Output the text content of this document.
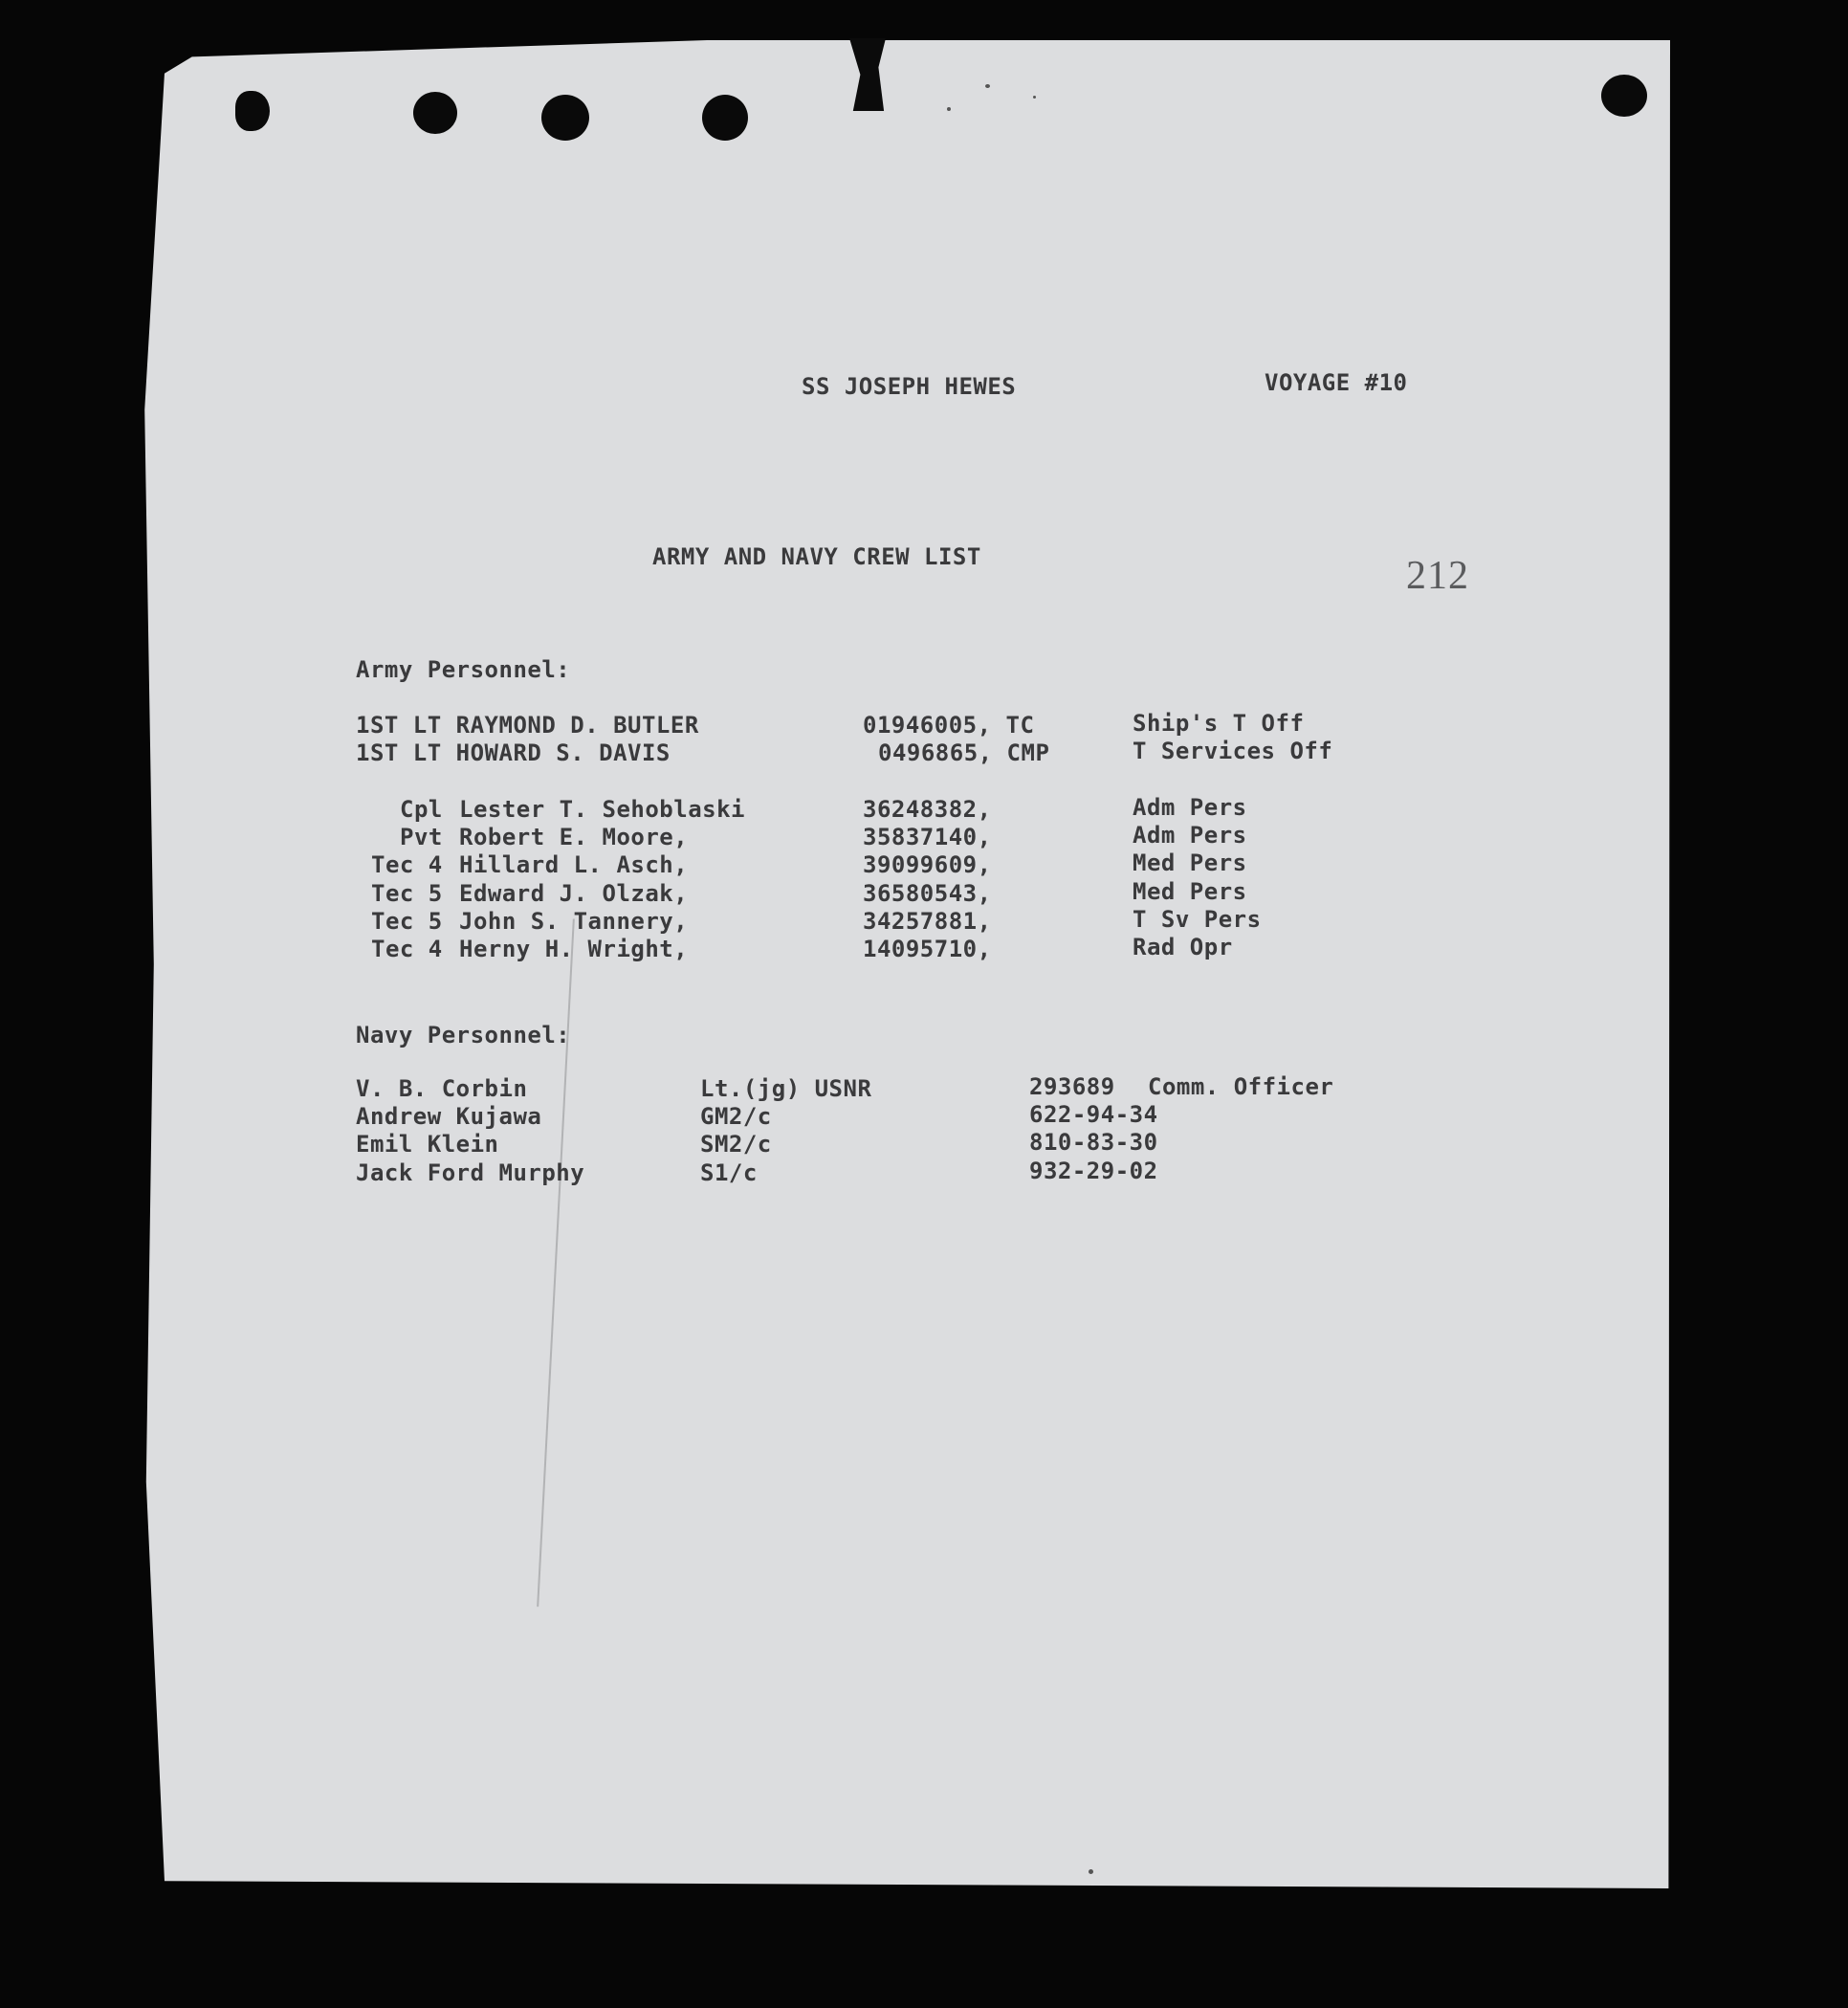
SS JOSEPH HEWES	VOYAGE #10
ARMY AND NAVY CREW LIST	212
Army Personnel:
1ST LT RAYMOND D. BUTLER	01946005, TC	Ship's T Off
1ST LT HOWARD S. DAVIS	0496865, CMP	T Services Off
Cpl Lester T. Sehoblaski	36248382,	Adm Pers
Pvt Robert E. Moore,	35837140,	Adm Pers
Tec 4 Hillard L. Asch,	39099609,	Med Pers
Tec 5 Edward J. Olzak,	36580543,	Med Pers
Tec 5 John S. Tannery,	34257881,	T Sv Pers
Tec 4 Herny H. Wright,	14095710,	Rad Opr
Navy Personnel:
V. B. Corbin	Lt.(jg) USNR	293689 Comm. Officer
Andrew Kujawa	GM2/c	622-94-34
Emil Klein	SM2/c	810-83-30
Jack Ford Murphy	S1/c	932-29-02
